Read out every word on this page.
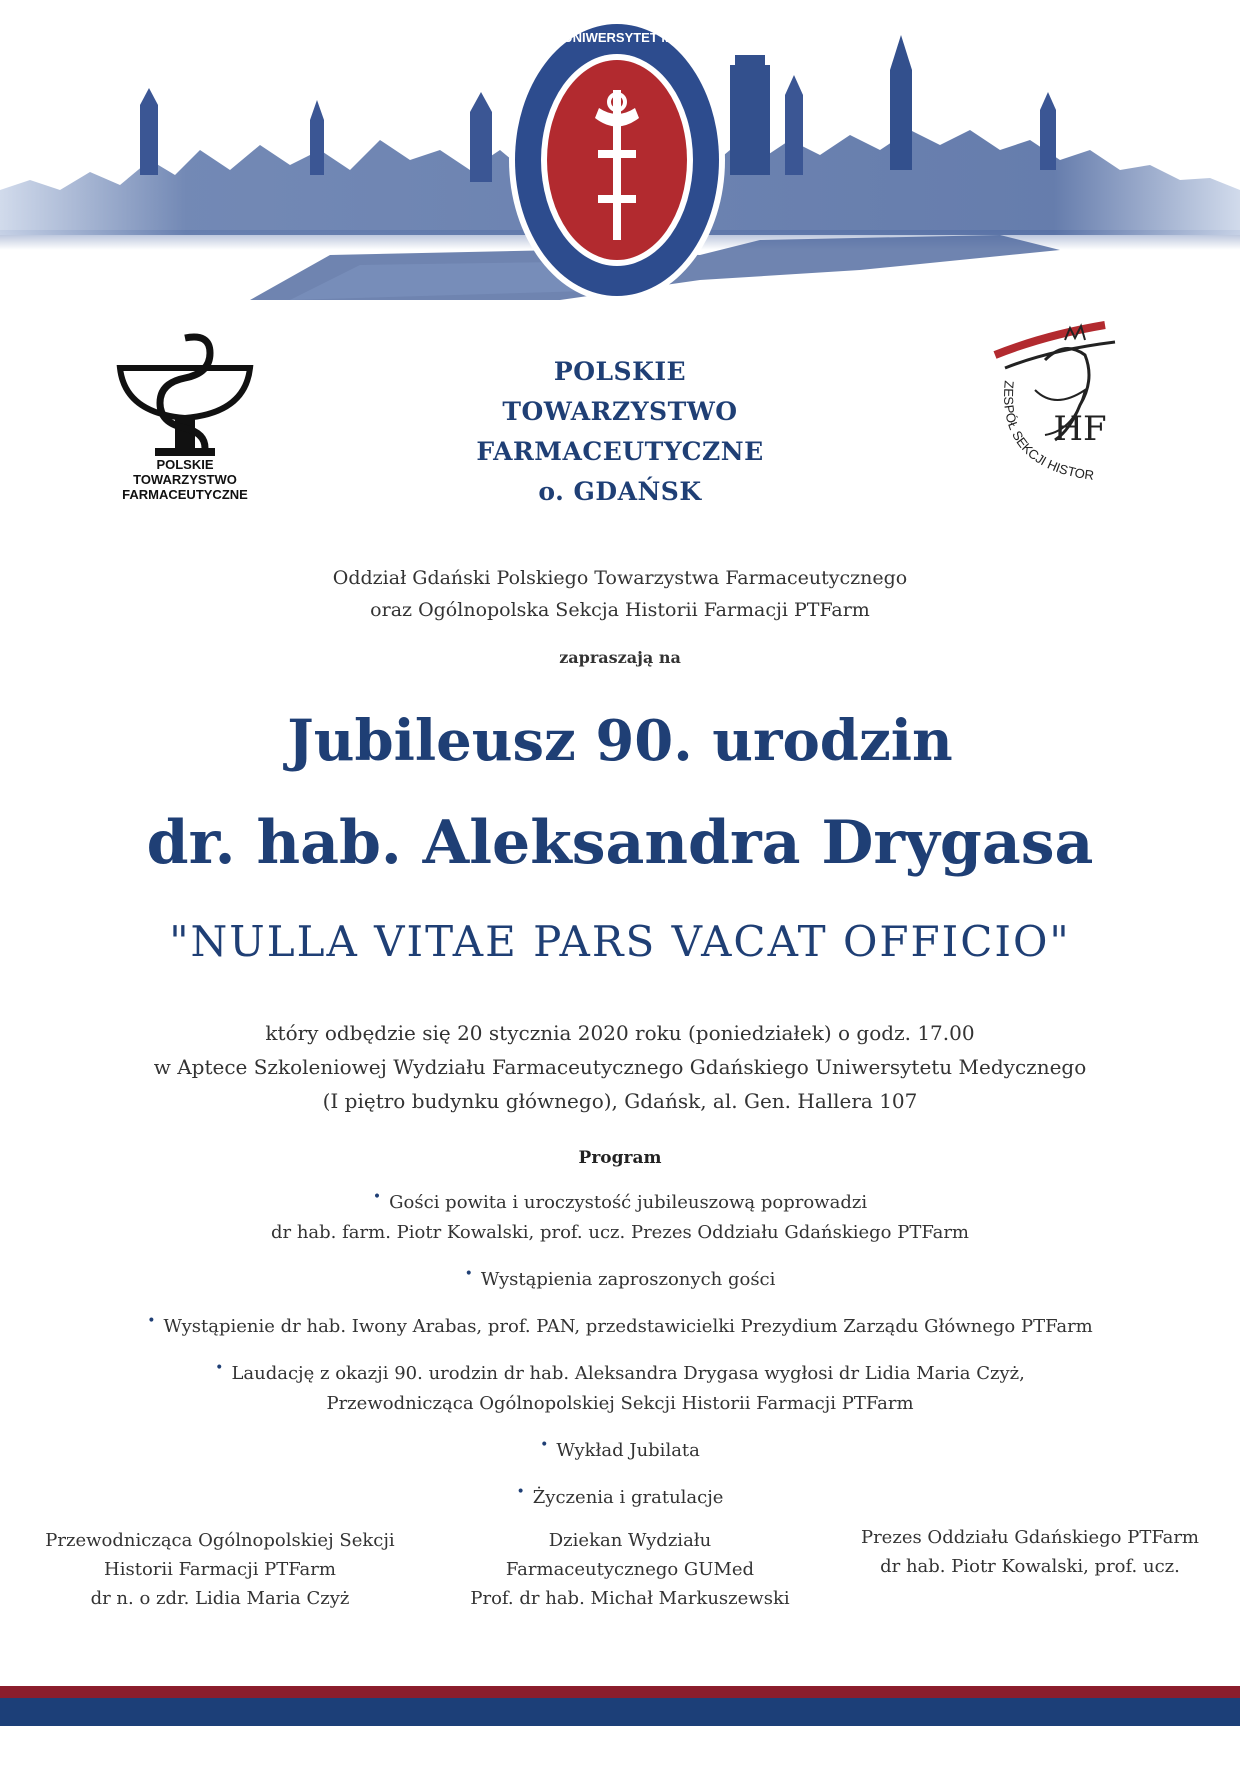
GDAŃSKI UNIWERSYTET MEDYCZNY
POLSKIE
TOWARZYSTWO
FARMACEUTYCZNE
POLSKIE
TOWARZYSTWO
FARMACEUTYCZNE
o. GDAŃSK
HF
ZESPÓŁ SEKCJI HISTOR
Oddział Gdański Polskiego Towarzystwa Farmaceutycznego
oraz Ogólnopolska Sekcja Historii Farmacji PTFarm
zapraszają na
Jubileusz 90. urodzin
dr. hab. Aleksandra Drygasa
"NULLA VITAE PARS VACAT OFFICIO"
który odbędzie się 20 stycznia 2020 roku (poniedziałek) o godz. 17.00
w Aptece Szkoleniowej Wydziału Farmaceutycznego Gdańskiego Uniwersytetu Medycznego
(I piętro budynku głównego), Gdańsk, al. Gen. Hallera 107
Program
• Gości powita i uroczystość jubileuszową poprowadzi
dr hab. farm. Piotr Kowalski, prof. ucz. Prezes Oddziału Gdańskiego PTFarm
• Wystąpienia zaproszonych gości
• Wystąpienie dr hab. Iwony Arabas, prof. PAN, przedstawicielki Prezydium Zarządu Głównego PTFarm
• Laudację z okazji 90. urodzin dr hab. Aleksandra Drygasa wygłosi dr Lidia Maria Czyż,
Przewodnicząca Ogólnopolskiej Sekcji Historii Farmacji PTFarm
• Wykład Jubilata
• Życzenia i gratulacje
Przewodnicząca Ogólnopolskiej Sekcji
Historii Farmacji PTFarm
dr n. o zdr. Lidia Maria Czyż
Dziekan Wydziału
Farmaceutycznego GUMed
Prof. dr hab. Michał Markuszewski
Prezes Oddziału Gdańskiego PTFarm
dr hab. Piotr Kowalski, prof. ucz.
